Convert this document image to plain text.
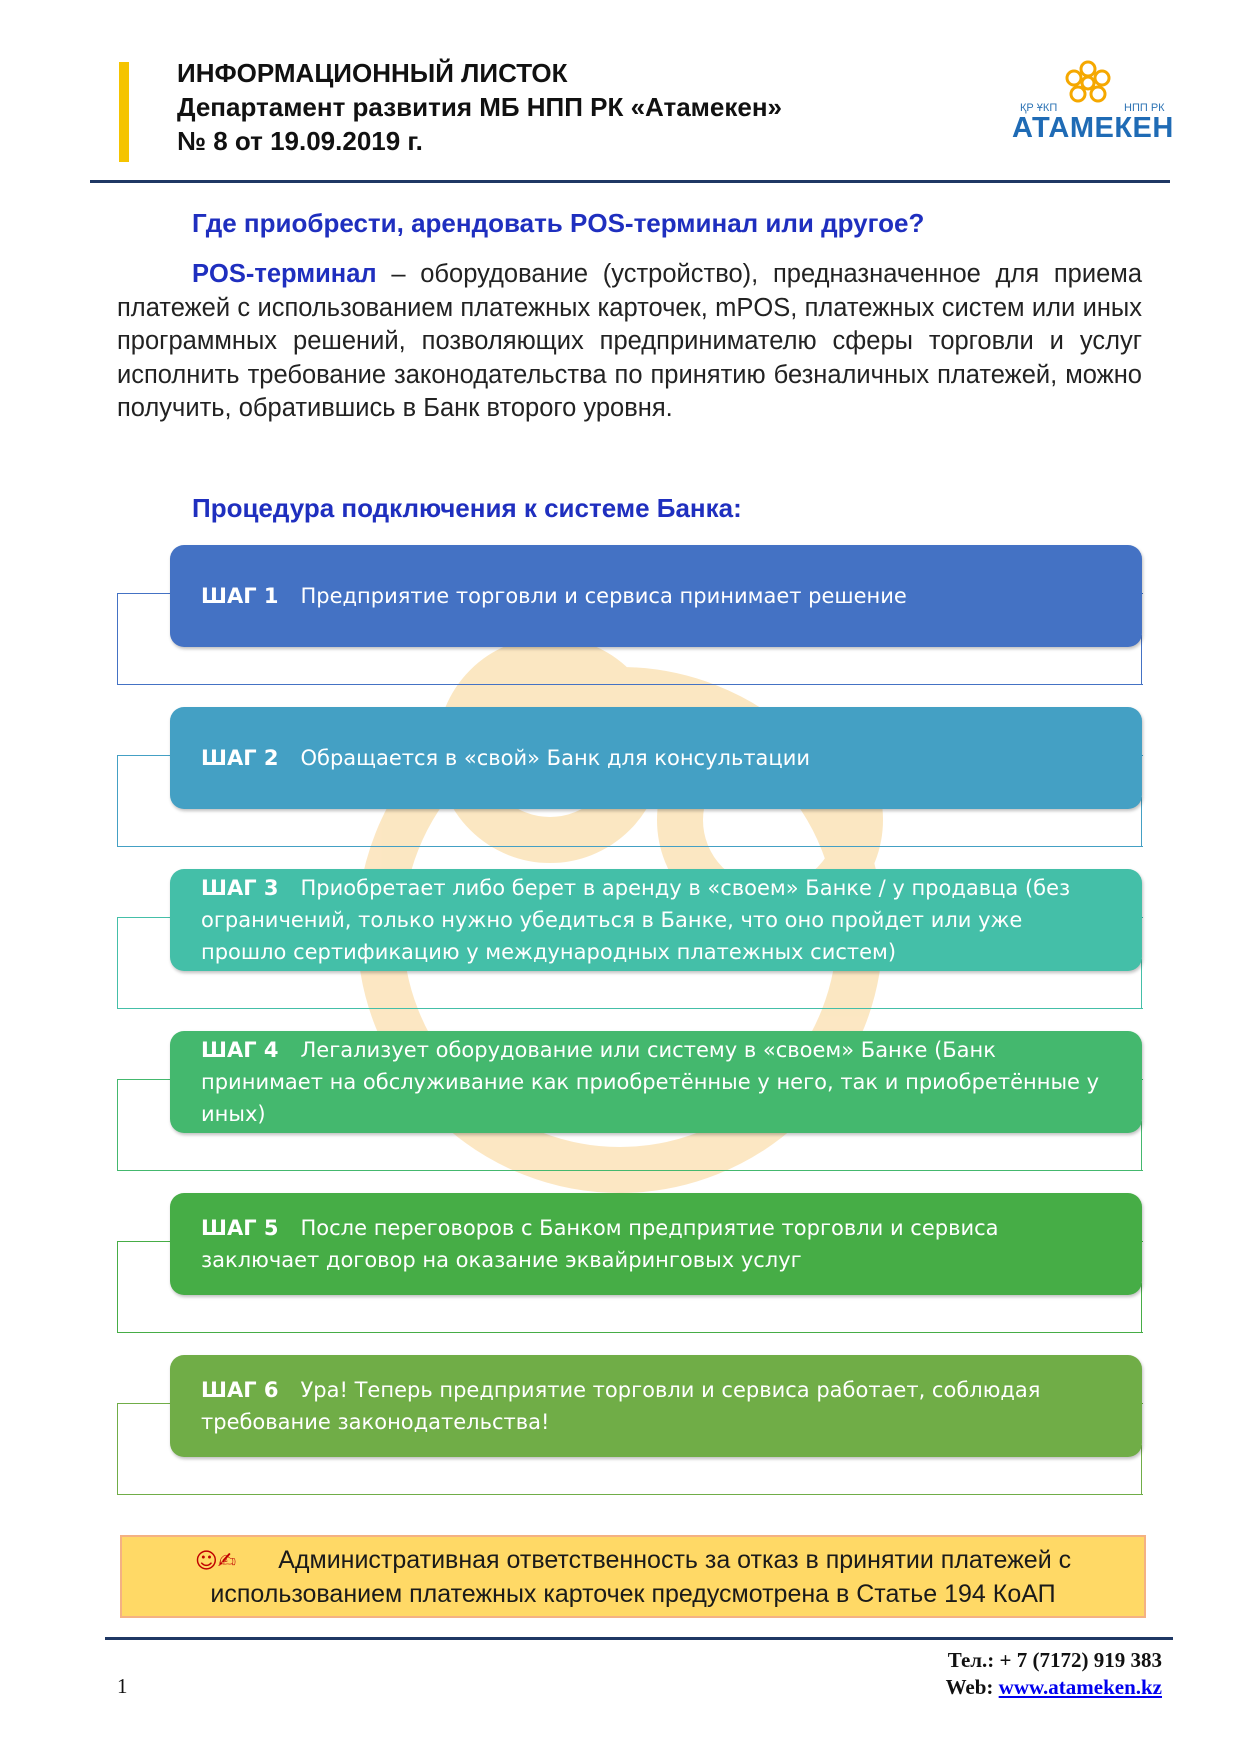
ИНФОРМАЦИОННЫЙ ЛИСТОК
Департамент развития МБ НПП РК «Атамекен»
№ 8 от 19.09.2019 г.
ҚР ҰКП	НПП РК
АТАМЕКЕН
Где приобрести, арендовать POS-терминал или другое?
POS-терминал – оборудование (устройство), предназначенное для приема платежей с использованием платежных карточек, mPOS, платежных систем или иных программных решений, позволяющих предпринимателю сферы торговли и услуг исполнить требование законодательства по принятию безналичных платежей, можно получить, обратившись в Банк второго уровня.
Процедура подключения к системе Банка:
ШАГ 1 Предприятие торговли и сервиса принимает решение
ШАГ 2 Обращается в «свой» Банк для консультации
ШАГ 3 Приобретает либо берет в аренду в «своем» Банке / у продавца (без ограничений, только нужно убедиться в Банке, что оно пройдет или уже прошло сертификацию у международных платежных систем)
ШАГ 4 Легализует оборудование или систему в «своем» Банке (Банк принимает на обслуживание как приобретённые у него, так и приобретённые у иных)
ШАГ 5 После переговоров с Банком предприятие торговли и сервиса заключает договор на оказание эквайринговых услуг
ШАГ 6 Ура! Теперь предприятие торговли и сервиса работает, соблюдая требование законодательства!
☺✍ Административная ответственность за отказ в принятии платежей с использованием платежных карточек предусмотрена в Статье 194 КоАП
Тел.: + 7 (7172) 919 383
Web: www.atameken.kz
1
